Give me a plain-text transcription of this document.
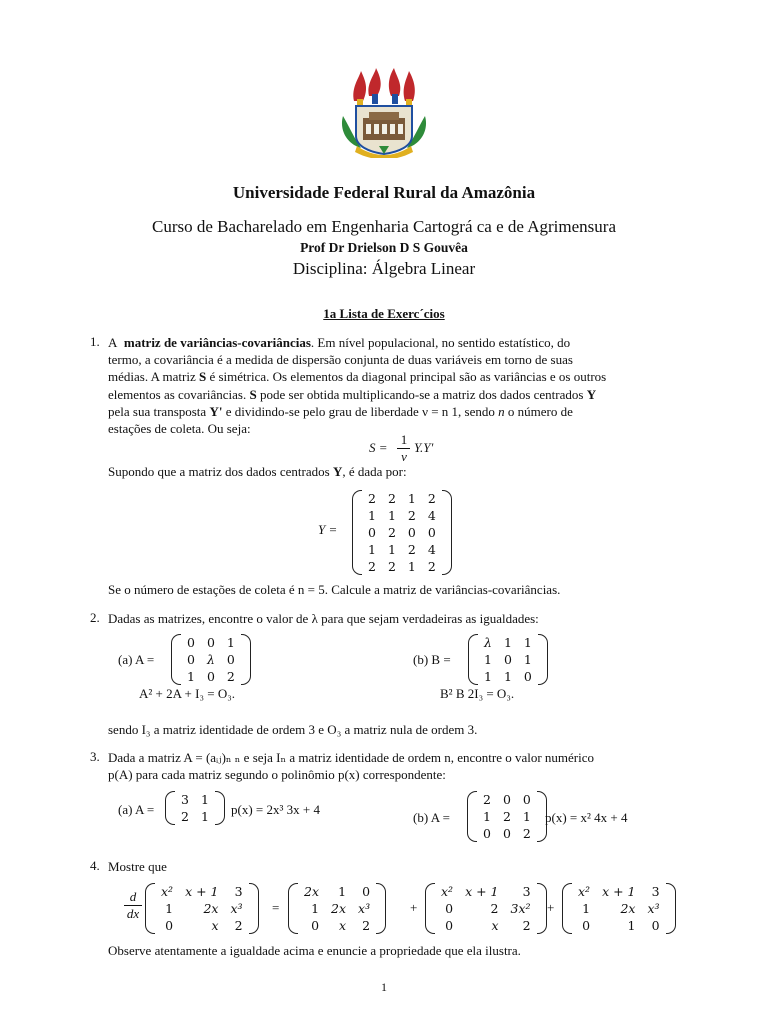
Universidade Federal Rural da Amazônia
Curso de Bacharelado em Engenharia Cartográ ca e de Agrimensura
Prof Dr Drielson D S Gouvêa
Disciplina: Álgebra Linear
1a Lista de Exerc´cios
1. A matriz de variâncias-covariâncias. Em nível populacional, no sentido estatístico, do
termo, a covariância é a medida de dispersão conjunta de duas variáveis em torno de suas
médias. A matriz S é simétrica. Os elementos da diagonal principal são as variâncias e os outros
elementos as covariâncias. S pode ser obtida multiplicando-se a matriz dos dados centrados Y
pela sua transposta Y' e dividindo-se pelo grau de liberdade ν = n 1, sendo n o número de
estações de coleta. Ou seja:
S =
1
ν
Y.Y′
Supondo que a matriz dos dados centrados Y, é dada por:
Y =
2	2	1	2
1	1	2	4
0	2	0	0
1	1	2	4
2	2	1	2
Se o número de estações de coleta é n = 5. Calcule a matriz de variâncias-covariâncias.
2. Dadas as matrizes, encontre o valor de λ para que sejam verdadeiras as igualdades:
(a) A =
0	0	1
0	λ	0
1	0	2
A² + 2A + I₃ = O₃.
(b) B =
λ	1	1
1	0	1
1	1	0
B² B 2I₃ = O₃.
sendo I₃ a matriz identidade de ordem 3 e O₃ a matriz nula de ordem 3.
3. Dada a matriz A = (aᵢⱼ)ₙ ₙ e seja Iₙ a matriz identidade de ordem n, encontre o valor numérico
p(A) para cada matriz segundo o polinômio p(x) correspondente:
(a) A =
3	1
2	1 p(x) = 2x³ 3x + 4
(b) A =
2	0	0
1	2	1
0	0	2
p(x) = x² 4x + 4
4. Mostre que
d
dx
x²	x + 1	3
1	2x	x³
0	x	2
=
2x	1	0
1	2x	x³
0	x	2
+
x²	x + 1	3
0	2	3x²
0	x	2
+
x²	x + 1	3
1	2x	x³
0	1	0
Observe atentamente a igualdade acima e enuncie a propriedade que ela ilustra.
1
